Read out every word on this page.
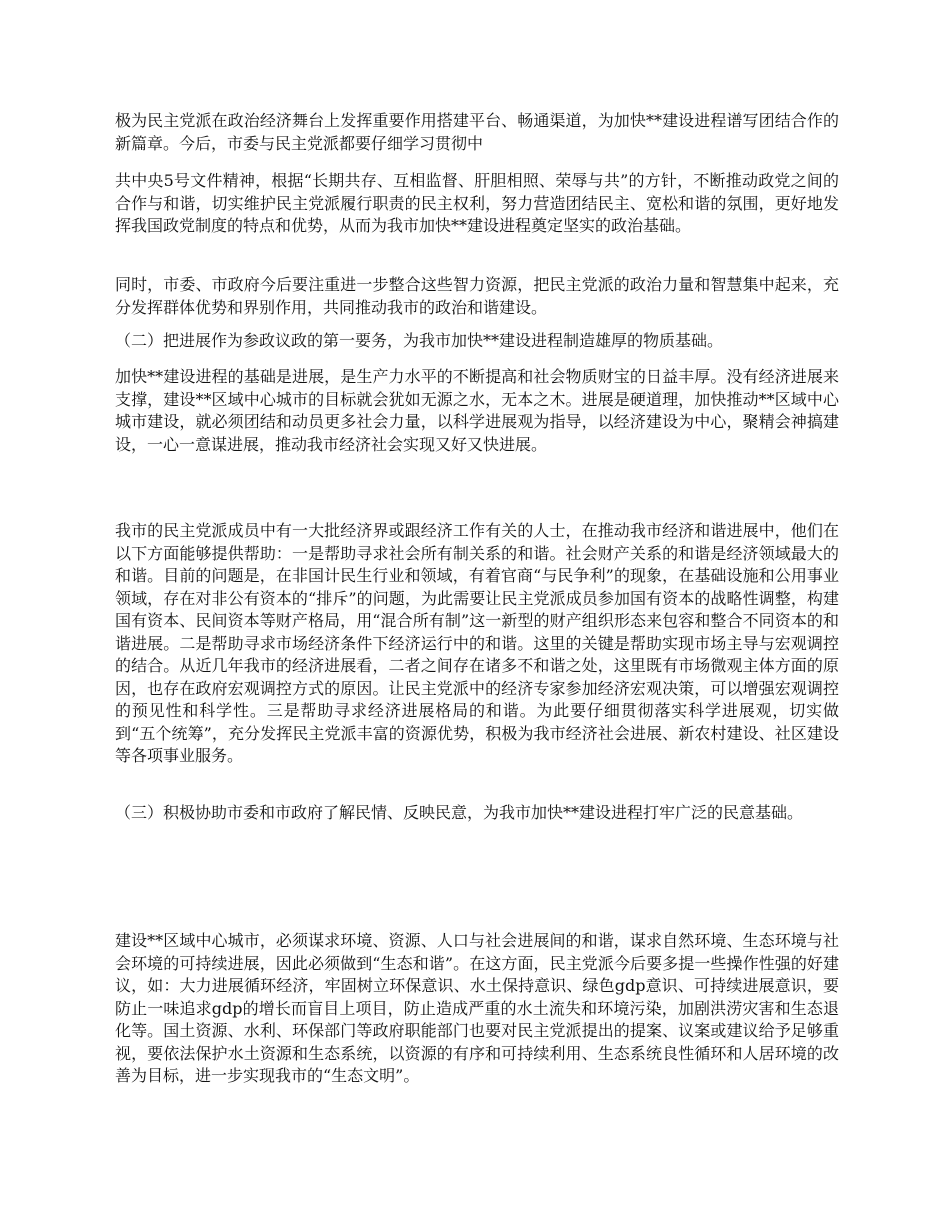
极为民主党派在政治经济舞台上发挥重要作用搭建平台、畅通渠道，为加快**建设进程谱写团结合作的新篇章。今后，市委与民主党派都要仔细学习贯彻中

共中央5号文件精神，根据“长期共存、互相监督、肝胆相照、荣辱与共”的方针，不断推动政党之间的合作与和谐，切实维护民主党派履行职责的民主权利，努力营造团结民主、宽松和谐的氛围，更好地发挥我国政党制度的特点和优势，从而为我市加快**建设进程奠定坚实的政治基础。

同时，市委、市政府今后要注重进一步整合这些智力资源，把民主党派的政治力量和智慧集中起来，充分发挥群体优势和界别作用，共同推动我市的政治和谐建设。

（二）把进展作为参政议政的第一要务，为我市加快**建设进程制造雄厚的物质基础。

加快**建设进程的基础是进展，是生产力水平的不断提高和社会物质财宝的日益丰厚。没有经济进展来支撑，建设**区域中心城市的目标就会犹如无源之水，无本之木。进展是硬道理，加快推动**区域中心城市建设，就必须团结和动员更多社会力量，以科学进展观为指导，以经济建设为中心，聚精会神搞建设，一心一意谋进展，推动我市经济社会实现又好又快进展。

我市的民主党派成员中有一大批经济界或跟经济工作有关的人士，在推动我市经济和谐进展中，他们在以下方面能够提供帮助：一是帮助寻求社会所有制关系的和谐。社会财产关系的和谐是经济领域最大的和谐。目前的问题是，在非国计民生行业和领域，有着官商“与民争利”的现象，在基础设施和公用事业领域，存在对非公有资本的“排斥”的问题，为此需要让民主党派成员参加国有资本的战略性调整，构建国有资本、民间资本等财产格局，用“混合所有制”这一新型的财产组织形态来包容和整合不同资本的和谐进展。二是帮助寻求市场经济条件下经济运行中的和谐。这里的关键是帮助实现市场主导与宏观调控的结合。从近几年我市的经济进展看，二者之间存在诸多不和谐之处，这里既有市场微观主体方面的原因，也存在政府宏观调控方式的原因。让民主党派中的经济专家参加经济宏观决策，可以增强宏观调控的预见性和科学性。三是帮助寻求经济进展格局的和谐。为此要仔细贯彻落实科学进展观，切实做到“五个统筹”，充分发挥民主党派丰富的资源优势，积极为我市经济社会进展、新农村建设、社区建设等各项事业服务。

（三）积极协助市委和市政府了解民情、反映民意，为我市加快**建设进程打牢广泛的民意基础。

建设**区域中心城市，必须谋求环境、资源、人口与社会进展间的和谐，谋求自然环境、生态环境与社会环境的可持续进展，因此必须做到“生态和谐”。在这方面，民主党派今后要多提一些操作性强的好建议，如：大力进展循环经济，牢固树立环保意识、水土保持意识、绿色gdp意识、可持续进展意识，要防止一味追求gdp的增长而盲目上项目，防止造成严重的水土流失和环境污染，加剧洪涝灾害和生态退化等。国土资源、水利、环保部门等政府职能部门也要对民主党派提出的提案、议案或建议给予足够重视，要依法保护水土资源和生态系统，以资源的有序和可持续利用、生态系统良性循环和人居环境的改善为目标，进一步实现我市的“生态文明”。
